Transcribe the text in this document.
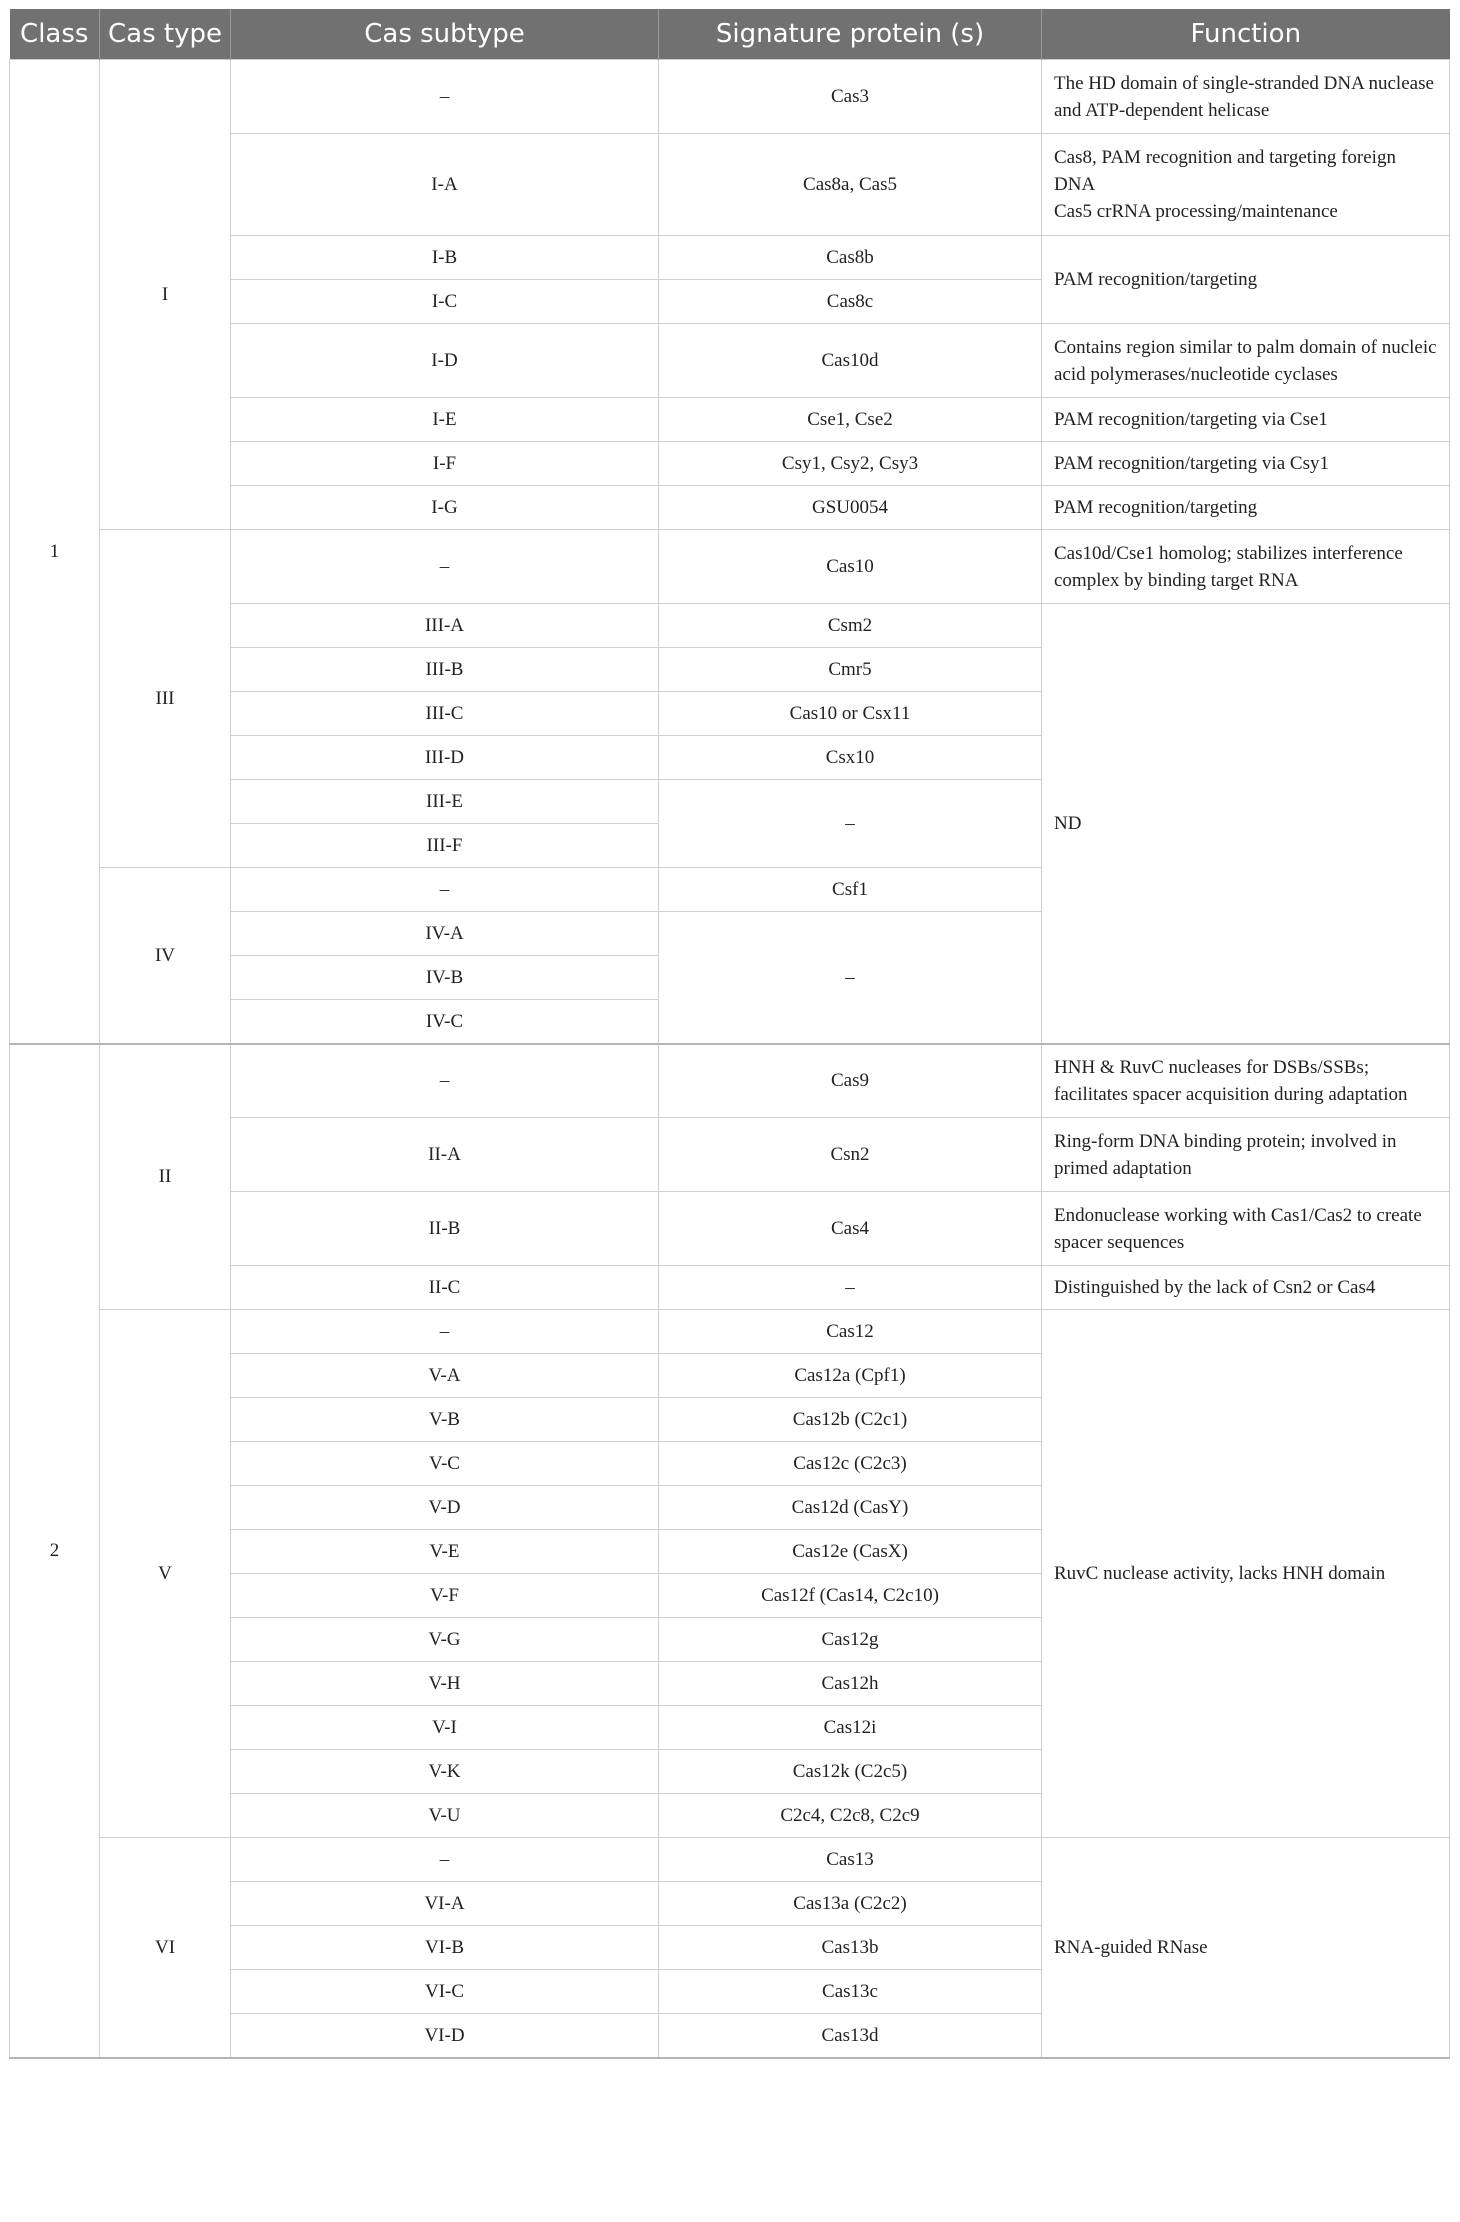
Class	Cas type	Cas subtype	Signature protein (s)	Function
1	I	–	Cas3	The HD domain of single-stranded DNA nuclease and ATP-dependent helicase
		I-A	Cas8a, Cas5	Cas8, PAM recognition and targeting foreign DNA
Cas5 crRNA processing/maintenance

		I-B	Cas8b	PAM recognition/targeting
		I-C	Cas8c	
		I-D	Cas10d	Contains region similar to palm domain of nucleic acid polymerases/nucleotide cyclases
		I-E	Cse1, Cse2	PAM recognition/targeting via Cse1
		I-F	Csy1, Csy2, Csy3	PAM recognition/targeting via Csy1
		I-G	GSU0054	PAM recognition/targeting
	III	–	Cas10	Cas10d/Cse1 homolog; stabilizes interference complex by binding target RNA
		III-A	Csm2	ND
		III-B	Cmr5	
		III-C	Cas10 or Csx11	
		III-D	Csx10	
		III-E	–	
		III-F		
	IV	–	Csf1	
		IV-A	–	
		IV-B		
		IV-C		
2	II	–	Cas9	HNH & RuvC nucleases for DSBs/SSBs; facilitates spacer acquisition during adaptation
		II-A	Csn2	Ring-form DNA binding protein; involved in primed adaptation
		II-B	Cas4	Endonuclease working with Cas1/Cas2 to create spacer sequences
		II-C	–	Distinguished by the lack of Csn2 or Cas4
	V	–	Cas12	RuvC nuclease activity, lacks HNH domain
		V-A	Cas12a (Cpf1)	
		V-B	Cas12b (C2c1)	
		V-C	Cas12c (C2c3)	
		V-D	Cas12d (CasY)	
		V-E	Cas12e (CasX)	
		V-F	Cas12f (Cas14, C2c10)	
		V-G	Cas12g	
		V-H	Cas12h	
		V-I	Cas12i	
		V-K	Cas12k (C2c5)	
		V-U	C2c4, C2c8, C2c9	
	VI	–	Cas13	RNA-guided RNase
		VI-A	Cas13a (C2c2)	
		VI-B	Cas13b	
		VI-C	Cas13c	
		VI-D	Cas13d	
